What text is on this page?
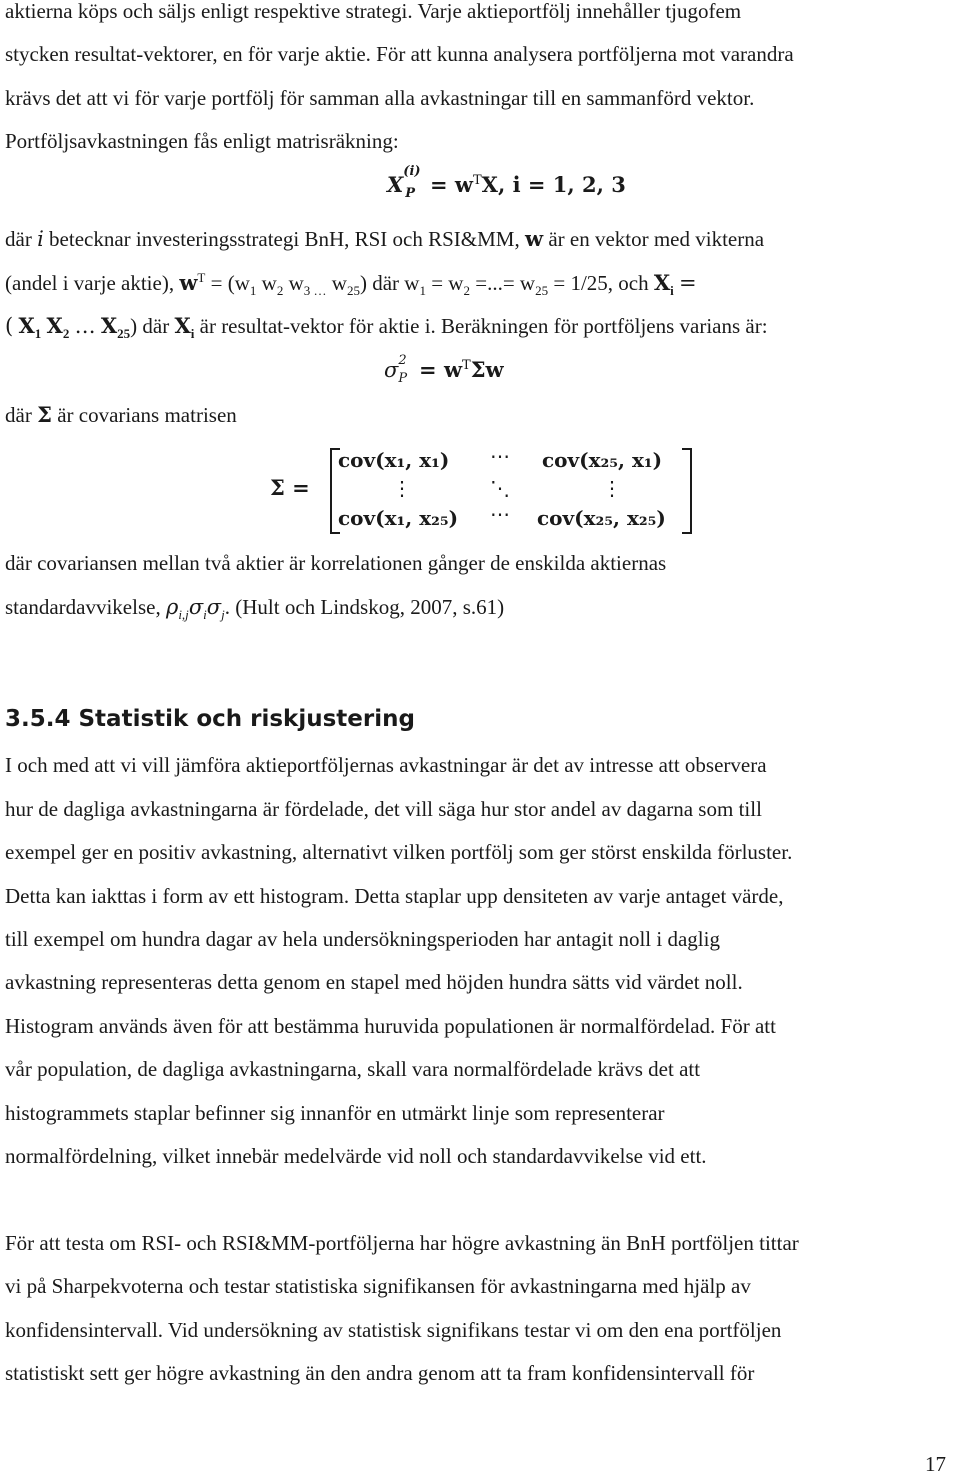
aktierna köps och säljs enligt respektive strategi. Varje aktieportfölj innehåller tjugofem
stycken resultat-vektorer, en för varje aktie. För att kunna analysera portföljerna mot varandra
krävs det att vi för varje portfölj för samman alla avkastningar till en sammanförd vektor.
Portföljsavkastningen fås enligt matrisräkning:
X
(i)
$P = w^TX$, i = 1, 2, 3
där i betecknar investeringsstrategi BnH, RSI och RSI&MM, w är en vektor med vikterna
(andel i varje aktie), $w^T = (w_1$ $w_2$ $w_{3 \dots}$ $w_{25}$) där $w_1 = w_2$ =...= $w_{25} = 1/25$, och $X_i$ =
( $X_1$ $X_2$ … $X_{25}$) där $X_i$ är resultat-vektor för aktie i. Beräkningen för portföljens varians är:
σ 2
$P = w^T\Sigma w$
där Σ är covarians matrisen
Σ =
cov(x₁, x₁) ⋯ cov(x₂₅, x₁)
⋮	⋱	⋮
cov(x₁, x₂₅) ⋯ cov(x₂₅, x₂₅)
där covariansen mellan två aktier är korrelationen gånger de enskilda aktiernas
standardavvikelse, $\rho_{i,j}\sigma_i\sigma_j$. (Hult och Lindskog, 2007, s.61)
3.5.4 Statistik och riskjustering
I och med att vi vill jämföra aktieportföljernas avkastningar är det av intresse att observera
hur de dagliga avkastningarna är fördelade, det vill säga hur stor andel av dagarna som till
exempel ger en positiv avkastning, alternativt vilken portfölj som ger störst enskilda förluster.
Detta kan iakttas i form av ett histogram. Detta staplar upp densiteten av varje antaget värde,
till exempel om hundra dagar av hela undersökningsperioden har antagit noll i daglig
avkastning representeras detta genom en stapel med höjden hundra sätts vid värdet noll.
Histogram används även för att bestämma huruvida populationen är normalfördelad. För att
vår population, de dagliga avkastningarna, skall vara normalfördelade krävs det att
histogrammets staplar befinner sig innanför en utmärkt linje som representerar
normalfördelning, vilket innebär medelvärde vid noll och standardavvikelse vid ett.
För att testa om RSI- och RSI&MM-portföljerna har högre avkastning än BnH portföljen tittar
vi på Sharpekvoterna och testar statistiska signifikansen för avkastningarna med hjälp av
konfidensintervall. Vid undersökning av statistisk signifikans testar vi om den ena portföljen
statistiskt sett ger högre avkastning än den andra genom att ta fram konfidensintervall för
17
